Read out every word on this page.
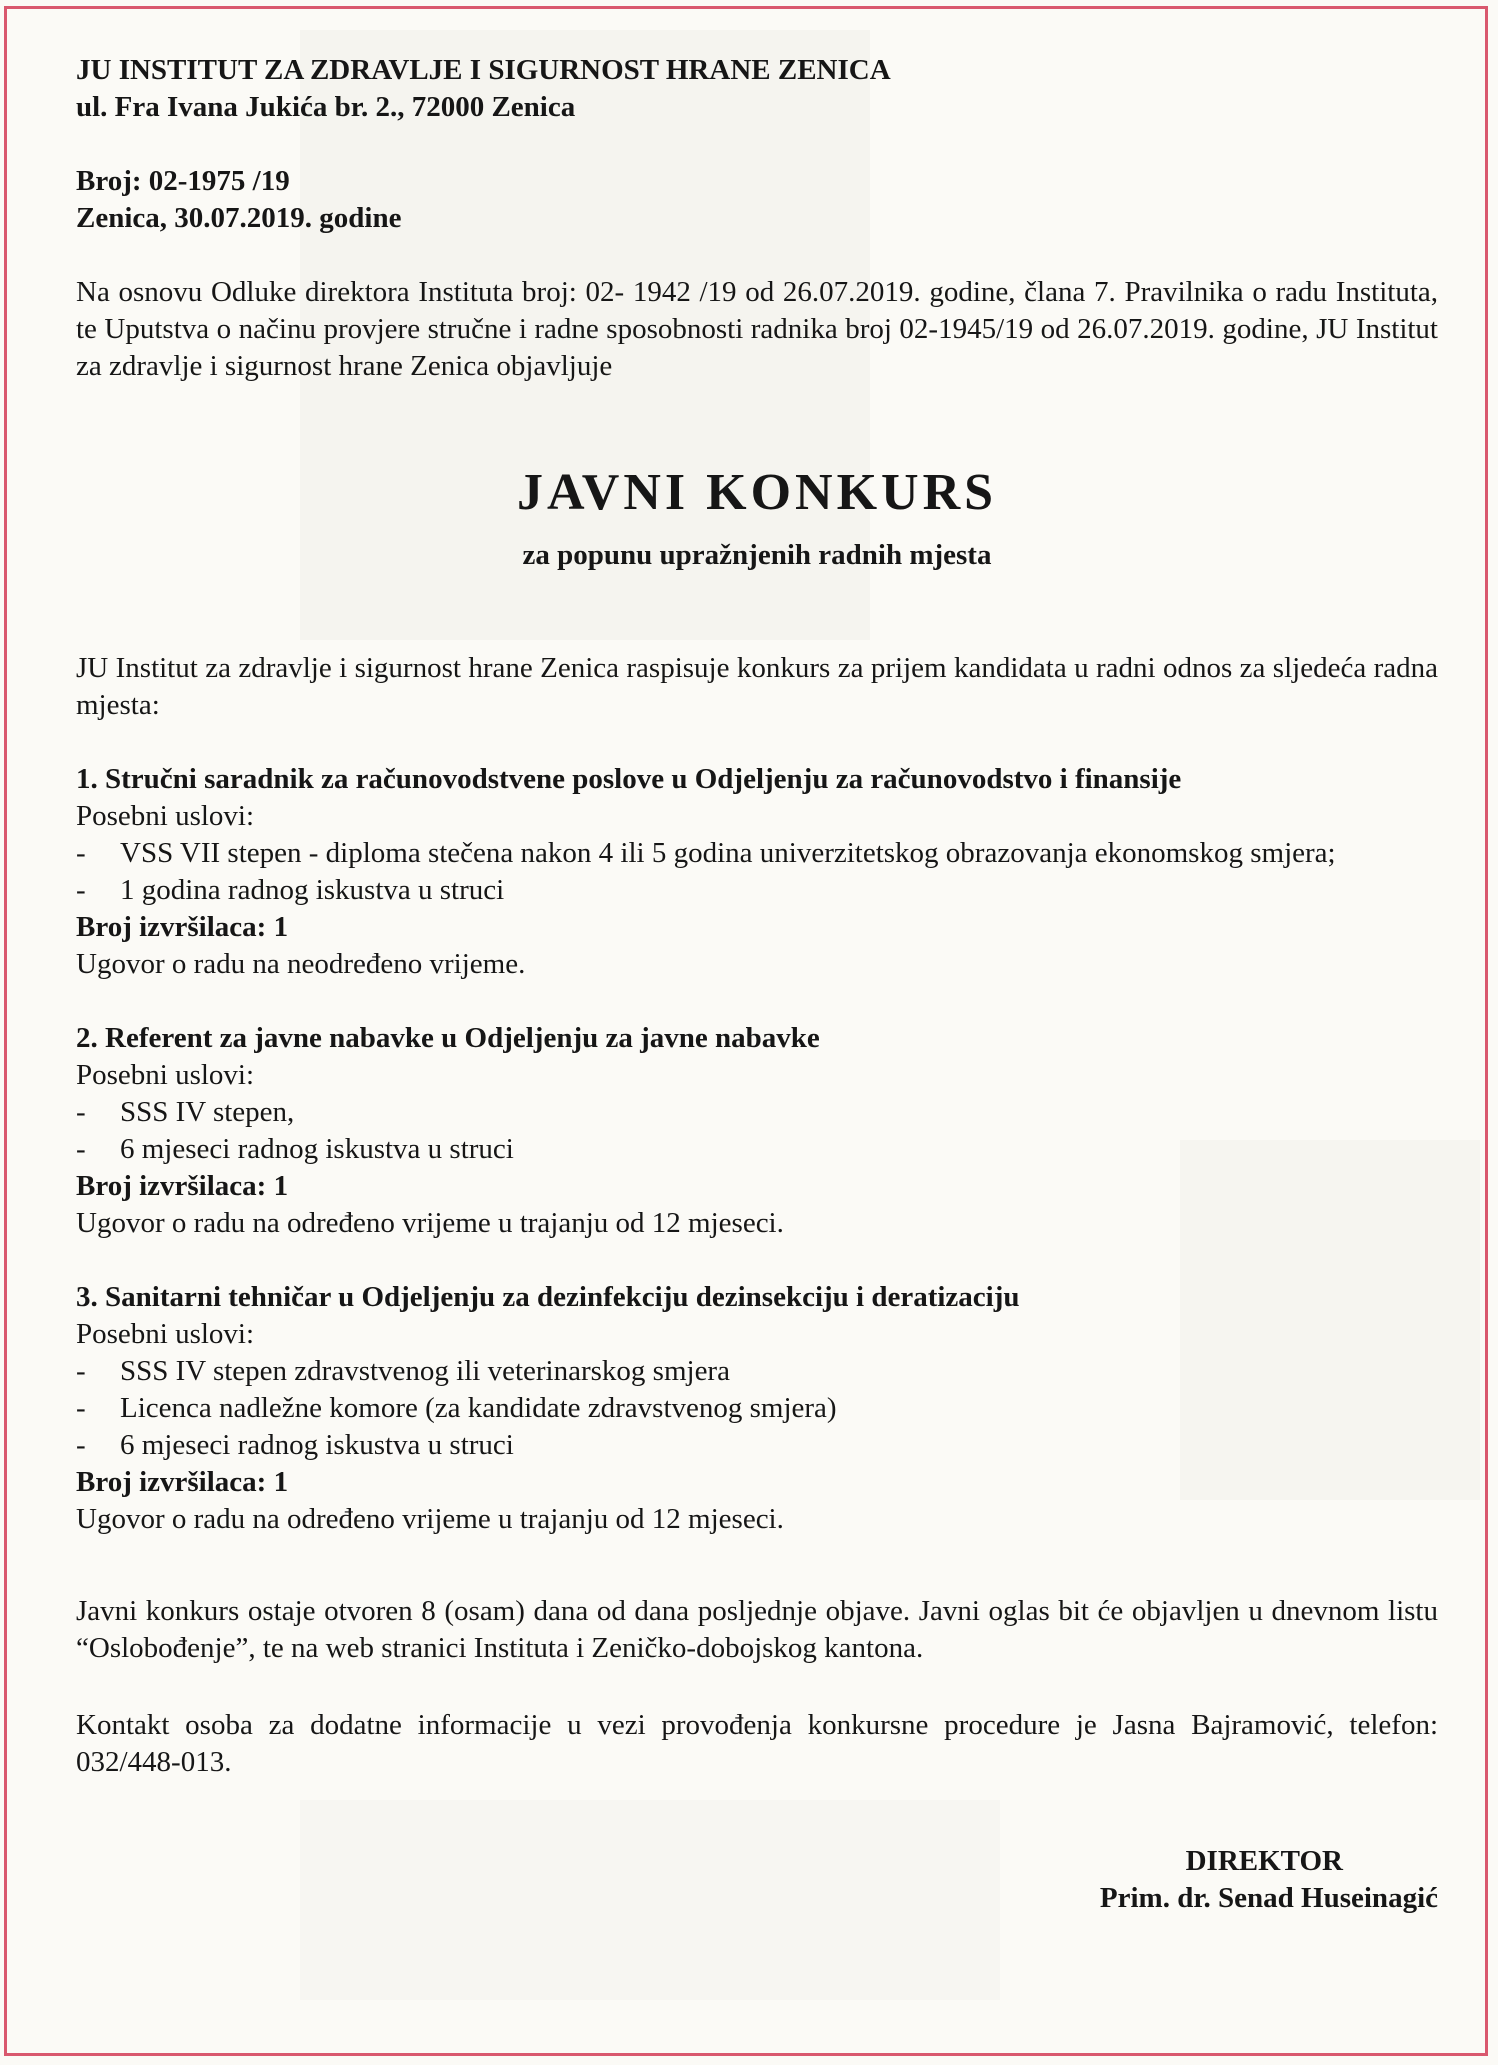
JU INSTITUT ZA ZDRAVLJE I SIGURNOST HRANE ZENICA

ul. Fra Ivana Jukića br. 2., 72000 Zenica

Broj: 02-1975 /19

Zenica, 30.07.2019. godine

Na osnovu Odluke direktora Instituta broj: 02- 1942 /19 od 26.07.2019. godine, člana 7. Pravilnika o radu Instituta, te Uputstva o načinu provjere stručne i radne sposobnosti radnika broj 02-1945/19 od 26.07.2019. godine, JU Institut za zdravlje i sigurnost hrane Zenica objavljuje

JAVNI KONKURS

za popunu upražnjenih radnih mjesta

JU Institut za zdravlje i sigurnost hrane Zenica raspisuje konkurs za prijem kandidata u radni odnos za sljedeća radna mjesta:

1. Stručni saradnik za računovodstvene poslove u Odjeljenju za računovodstvo i finansije

Posebni uslovi:

- VSS VII stepen - diploma stečena nakon 4 ili 5 godina univerzitetskog obrazovanja ekonomskog smjera;
- 1 godina radnog iskustva u struci

Broj izvršilaca: 1

Ugovor o radu na neodređeno vrijeme.

2. Referent za javne nabavke u Odjeljenju za javne nabavke

Posebni uslovi:

- SSS IV stepen,
- 6 mjeseci radnog iskustva u struci

Broj izvršilaca: 1

Ugovor o radu na određeno vrijeme u trajanju od 12 mjeseci.

3. Sanitarni tehničar u Odjeljenju za dezinfekciju dezinsekciju i deratizaciju

Posebni uslovi:

- SSS IV stepen zdravstvenog ili veterinarskog smjera
- Licenca nadležne komore (za kandidate zdravstvenog smjera)
- 6 mjeseci radnog iskustva u struci

Broj izvršilaca: 1

Ugovor o radu na određeno vrijeme u trajanju od 12 mjeseci.

Javni konkurs ostaje otvoren 8 (osam) dana od dana posljednje objave. Javni oglas bit će objavljen u dnevnom listu “Oslobođenje”, te na web stranici Instituta i Zeničko-dobojskog kantona.

Kontakt osoba za dodatne informacije u vezi provođenja konkursne procedure je Jasna Bajramović, telefon: 032/448-013.

DIREKTOR

Prim. dr. Senad Huseinagić
